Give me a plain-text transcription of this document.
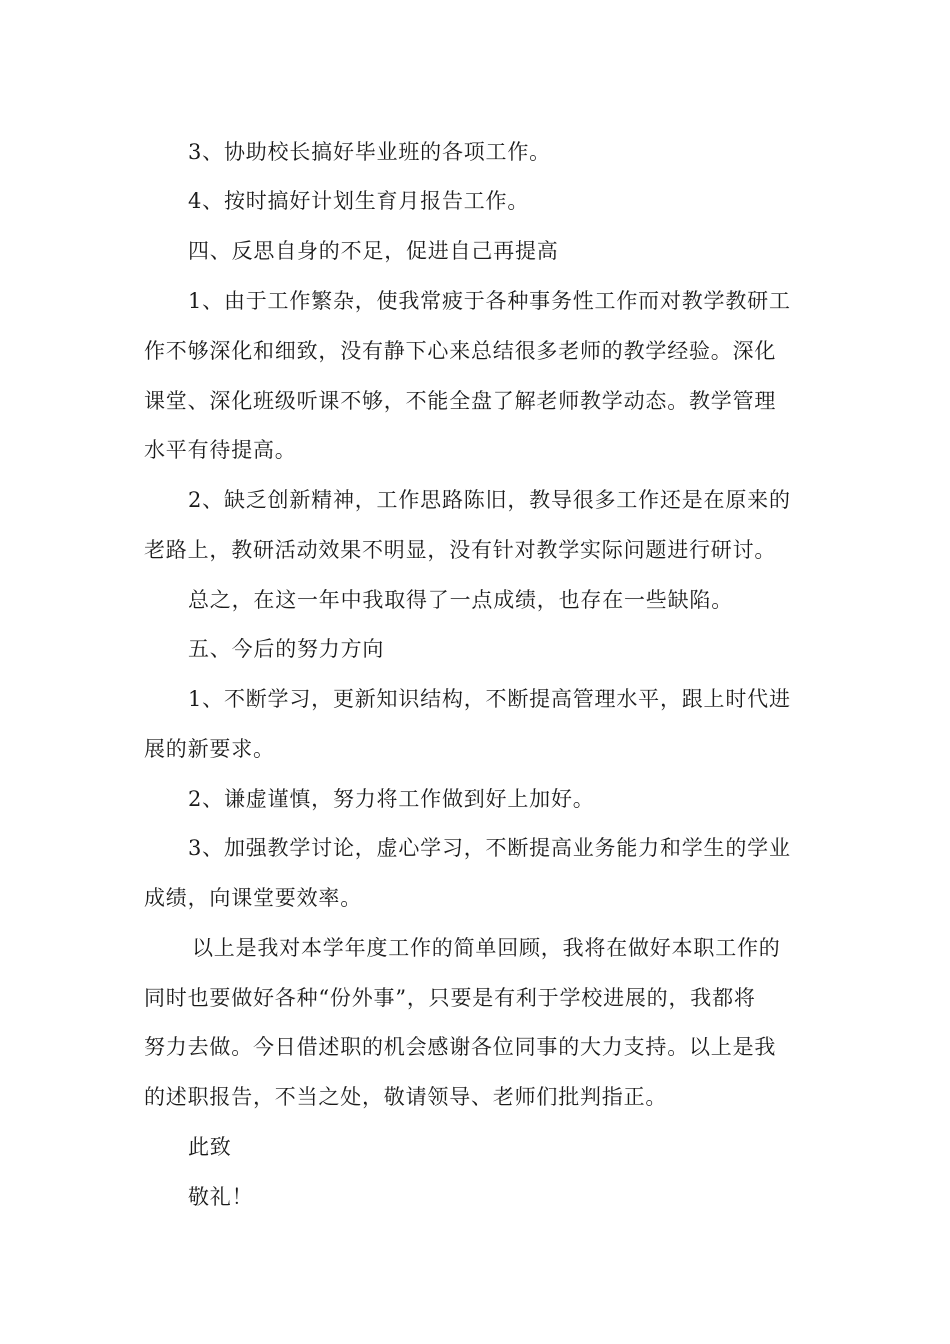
3、协助校长搞好毕业班的各项工作。
4、按时搞好计划生育月报告工作。
四、反思自身的不足，促进自己再提高
1、由于工作繁杂，使我常疲于各种事务性工作而对教学教研工
作不够深化和细致，没有静下心来总结很多老师的教学经验。深化
课堂、深化班级听课不够，不能全盘了解老师教学动态。教学管理
水平有待提高。
2、缺乏创新精神，工作思路陈旧，教导很多工作还是在原来的
老路上，教研活动效果不明显，没有针对教学实际问题进行研讨。
总之，在这一年中我取得了一点成绩，也存在一些缺陷。
五、今后的努力方向
1、不断学习，更新知识结构，不断提高管理水平，跟上时代进
展的新要求。
2、谦虚谨慎，努力将工作做到好上加好。
3、加强教学讨论，虚心学习，不断提高业务能力和学生的学业
成绩，向课堂要效率。
以上是我对本学年度工作的简单回顾，我将在做好本职工作的
同时也要做好各种“份外事”，只要是有利于学校进展的，我都将
努力去做。今日借述职的机会感谢各位同事的大力支持。以上是我
的述职报告，不当之处，敬请领导、老师们批判指正。
此致
敬礼！
